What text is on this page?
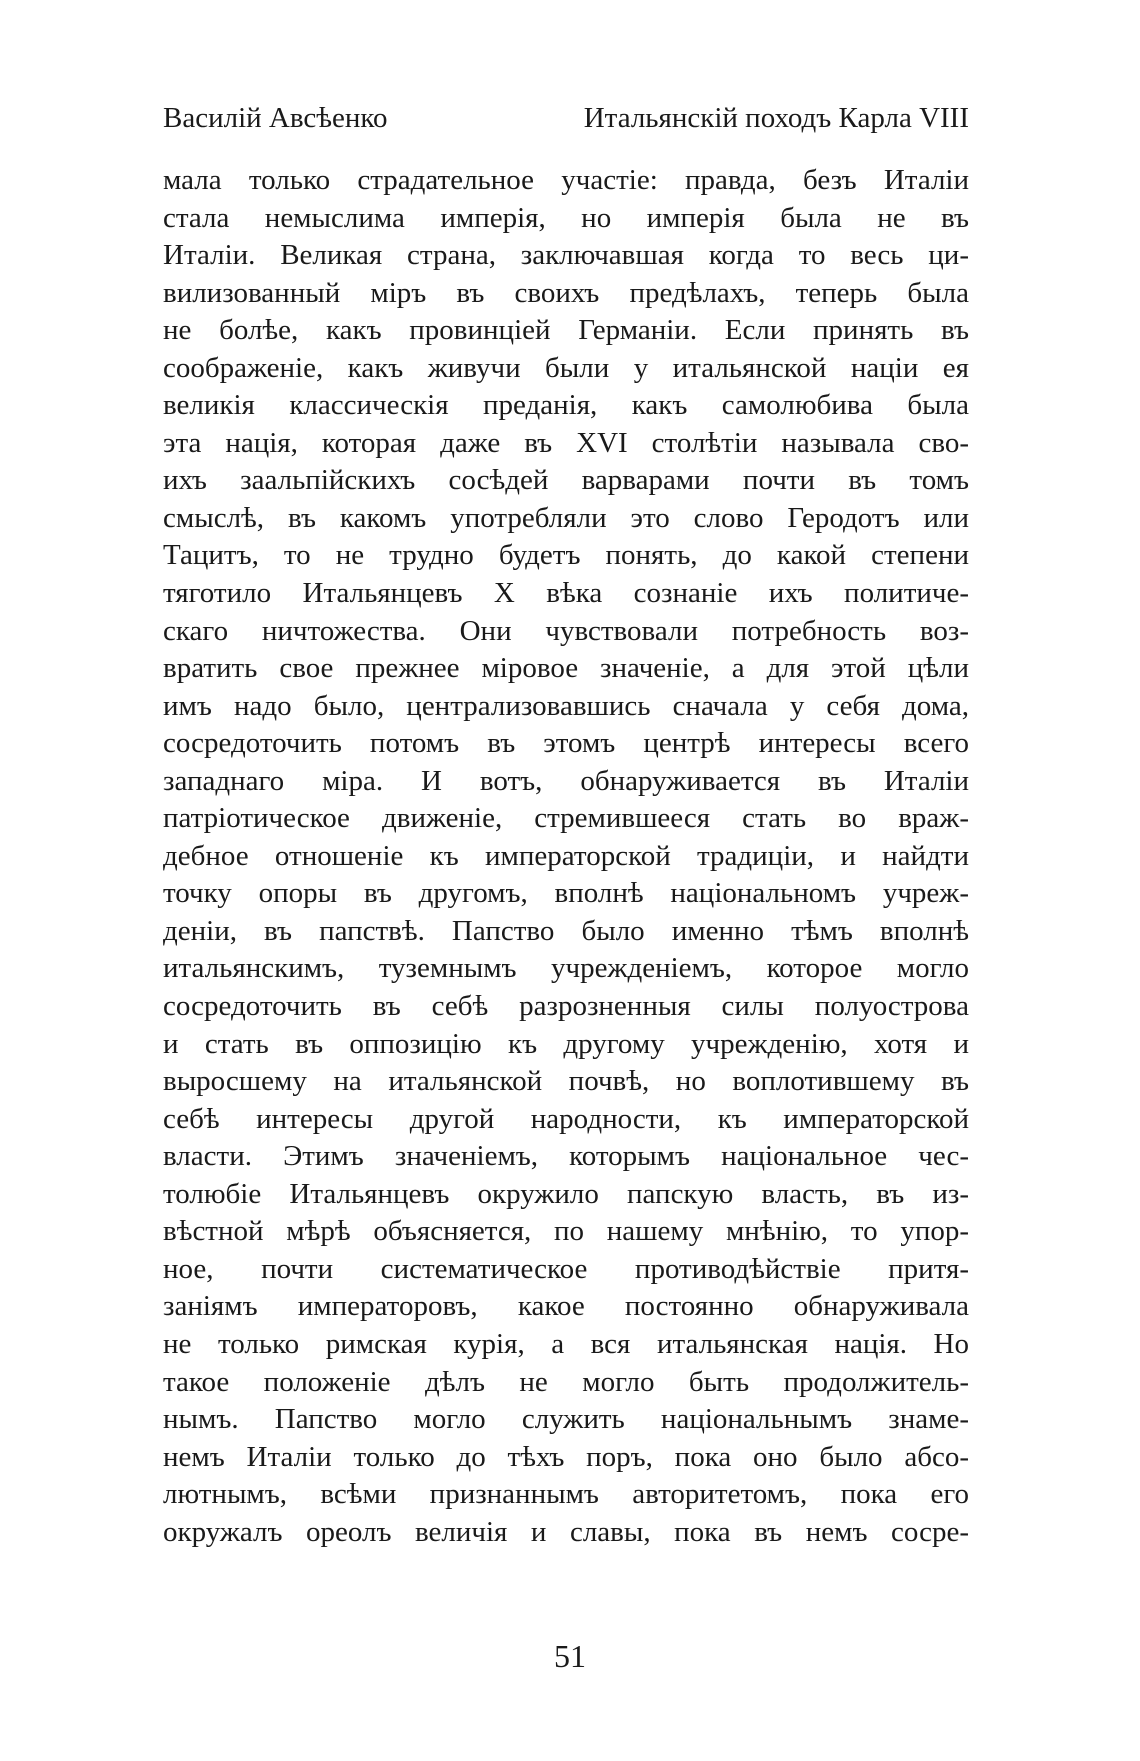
Василій Авсѣенко	Итальянскій походъ Карла VIII
мала только страдательное участіе: правда, безъ Италіи
стала немыслима имперія, но имперія была не въ
Италіи. Великая страна, заключавшая когда то весь ци-
вилизованный міръ въ своихъ предѣлахъ, теперь была
не болѣе, какъ провинціей Германіи. Если принять въ
соображеніе, какъ живучи были у итальянской націи ея
великія классическія преданія, какъ самолюбива была
эта нація, которая даже въ XVI столѣтіи называла сво-
ихъ заальпійскихъ сосѣдей варварами почти въ томъ
смыслѣ, въ какомъ употребляли это слово Геродотъ или
Тацитъ, то не трудно будетъ понять, до какой степени
тяготило Итальянцевъ X вѣка сознаніе ихъ политиче-
скаго ничтожества. Они чувствовали потребность воз-
вратить свое прежнее міровое значеніе, а для этой цѣли
имъ надо было, централизовавшись сначала у себя дома,
сосредоточить потомъ въ этомъ центрѣ интересы всего
западнаго міра. И вотъ, обнаруживается въ Италіи
патріотическое движеніе, стремившееся стать во враж-
дебное отношеніе къ императорской традиціи, и найдти
точку опоры въ другомъ, вполнѣ національномъ учреж-
деніи, въ папствѣ. Папство было именно тѣмъ вполнѣ
итальянскимъ, туземнымъ учрежденіемъ, которое могло
сосредоточить въ себѣ разрозненныя силы полуострова
и стать въ оппозицію къ другому учрежденію, хотя и
выросшему на итальянской почвѣ, но воплотившему въ
себѣ интересы другой народности, къ императорской
власти. Этимъ значеніемъ, которымъ національное чес-
толюбіе Итальянцевъ окружило папскую власть, въ из-
вѣстной мѣрѣ объясняется, по нашему мнѣнію, то упор-
ное, почти систематическое противодѣйствіе притя-
заніямъ императоровъ, какое постоянно обнаруживала
не только римская курія, а вся итальянская нація. Но
такое положеніе дѣлъ не могло быть продолжитель-
нымъ. Папство могло служить національнымъ знаме-
немъ Италіи только до тѣхъ поръ, пока оно было абсо-
лютнымъ, всѣми признаннымъ авторитетомъ, пока его
окружалъ ореолъ величія и славы, пока въ немъ сосре-
51
